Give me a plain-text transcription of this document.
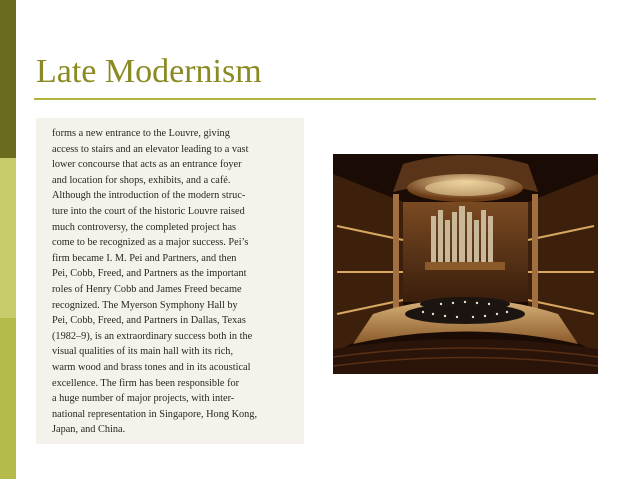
Late Modernism
forms a new entrance to the Louvre, giving
access to stairs and an elevator leading to a vast
lower concourse that acts as an entrance foyer
and location for shops, exhibits, and a café.
Although the introduction of the modern struc-
ture into the court of the historic Louvre raised
much controversy, the completed project has
come to be recognized as a major success. Pei’s
firm became I. M. Pei and Partners, and then
Pei, Cobb, Freed, and Partners as the important
roles of Henry Cobb and James Freed became
recognized. The Myerson Symphony Hall by
Pei, Cobb, Freed, and Partners in Dallas, Texas
(1982–9), is an extraordinary success both in the
visual qualities of its main hall with its rich,
warm wood and brass tones and in its acoustical
excellence. The firm has been responsible for
a huge number of major projects, with inter-
national representation in Singapore, Hong Kong,
Japan, and China.
